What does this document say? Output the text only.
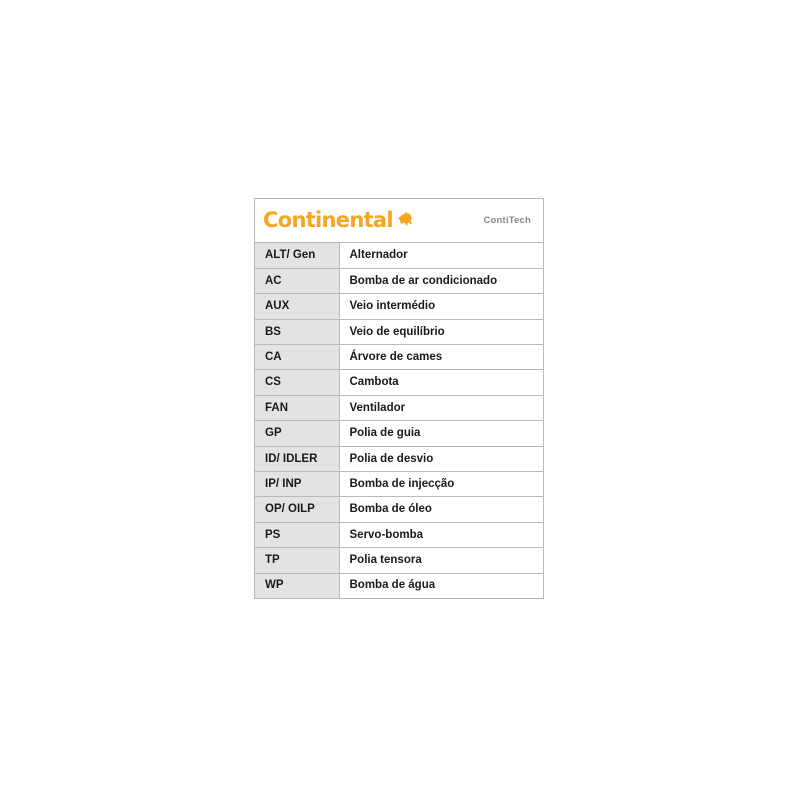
Continental	ContiTech
ALT/ Gen	Alternador
AC	Bomba de ar condicionado
AUX	Veio intermédio
BS	Veio de equilíbrio
CA	Árvore de cames
CS	Cambota
FAN	Ventilador
GP	Polia de guia
ID/ IDLER	Polia de desvio
IP/ INP	Bomba de injecção
OP/ OILP	Bomba de óleo
PS	Servo-bomba
TP	Polia tensora
WP	Bomba de água
